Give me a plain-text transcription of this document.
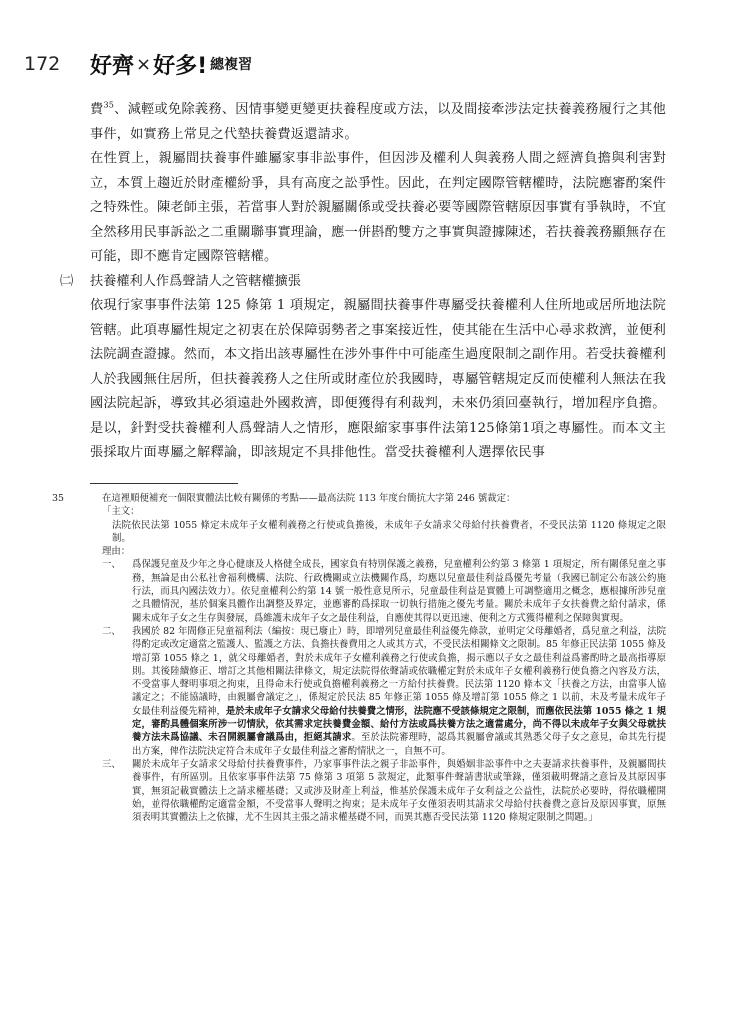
172	好齊 × 好多! 總複習

費$^{35}$、減輕或免除義務、因情事變更變更扶養程度或方法，以及間接牽涉法定扶養義務履行之其他事件，如實務上常見之代墊扶養費返還請求。

在性質上，親屬間扶養事件雖屬家事非訟事件，但因涉及權利人與義務人間之經濟負擔與利害對立，本質上趨近於財產權紛爭，具有高度之訟爭性。因此，在判定國際管轄權時，法院應審酌案件之特殊性。陳老師主張，若當事人對於親屬關係或受扶養必要等國際管轄原因事實有爭執時，不宜全然移用民事訴訟之二重關聯事實理論，應一併斟酌雙方之事實與證據陳述，若扶養義務顯無存在可能，即不應肯定國際管轄權。

㈡ 扶養權利人作爲聲請人之管轄權擴張

依現行家事事件法第 125 條第 1 項規定，親屬間扶養事件專屬受扶養權利人住所地或居所地法院管轄。此項專屬性規定之初衷在於保障弱勢者之事案接近性，使其能在生活中心尋求救濟，並便利法院調查證據。然而，本文指出該專屬性在涉外事件中可能產生過度限制之副作用。若受扶養權利人於我國無住居所，但扶養義務人之住所或財產位於我國時，專屬管轄規定反而使權利人無法在我國法院起訴，導致其必須遠赴外國救濟，即便獲得有利裁判，未來仍須回臺執行，增加程序負擔。

是以，針對受扶養權利人爲聲請人之情形，應限縮家事事件法第125條第1項之專屬性。而本文主張採取片面專屬之解釋論，即該規定不具排他性。當受扶養權利人選擇依民事

35	在這裡順便補充一個限實體法比較有關係的考點——最高法院 113 年度台簡抗大字第 246 號裁定：

「主文：

法院依民法第 1055 條定未成年子女權利義務之行使或負擔後，未成年子女請求父母給付扶養費者，不受民法第 1120 條規定之限制。

理由：

一、 爲保護兒童及少年之身心健康及人格健全成長，國家負有特別保護之義務，兒童權利公約第 3 條第 1 項規定，所有關係兒童之事務，無論是由公私社會福利機構、法院、行政機關或立法機關作爲，均應以兒童最佳利益爲優先考量（我國已制定公布該公約施行法，而具內國法效力）。依兒童權利公約第 14 號一般性意見所示，兒童最佳利益是實體上可調整適用之概念，應根據所涉兒童之具體情況，基於個案具體作出調整及界定，並應審酌爲採取一切執行措施之優先考量。關於未成年子女扶養費之給付請求，係關未成年子女之生存與發展，爲維護未成年子女之最佳利益，自應使其得以更迅速、便利之方式獲得權利之保障與實現。
二、 我國於 82 年間修正兒童福利法（編按：現已廢止）時，即增列兒童最佳利益優先條款，並明定父母離婚者，爲兒童之利益，法院得酌定或改定適當之監護人、監護之方法、負擔扶養費用之人或其方式，不受民法相關條文之限制。85 年修正民法第 1055 條及增訂第 1055 條之 1，就父母離婚者，對於未成年子女權利義務之行使或負擔，揭示應以子女之最佳利益爲審酌時之最高指導原則。其後陸續修正、增訂之其他相關法律條文，規定法院得依聲請或依職權定對於未成年子女權利義務行使負擔之內容及方法，不受當事人聲明事項之拘束，且得命未行使或負擔權利義務之一方給付扶養費。民法第 1120 條本文「扶養之方法，由當事人協議定之；不能協議時，由親屬會議定之」，係規定於民法 85 年修正第 1055 條及增訂第 1055 條之 1 以前，未及考量未成年子女最佳利益優先精神，是於未成年子女請求父母給付扶養費之情形，法院應不受該條規定之限制，而應依民法第 1055 條之 1 規定，審酌具體個案所涉一切情狀，依其需求定扶養費金額、給付方法或爲扶養方法之適當處分，尚不得以未成年子女與父母就扶養方法未爲協議、未召開親屬會議爲由，拒絕其請求。至於法院審理時，認爲其親屬會議或其熟悉父母子女之意見，命其先行提出方案，俾作法院決定符合未成年子女最佳利益之審酌情狀之一，自無不可。
三、 關於未成年子女請求父母給付扶養費事件，乃家事事件法之親子非訟事件，與婚姻非訟事件中之夫妻請求扶養事件，及親屬間扶養事件，有所區別。且依家事事件法第 75 條第 3 項第 5 款規定，此類事件聲請書狀或筆錄，僅須載明聲請之意旨及其原因事實，無須記載實體法上之請求權基礎；又或涉及財產上利益，惟基於保護未成年子女利益之公益性，法院於必要時，得依職權開始，並得依職權酌定適當金額，不受當事人聲明之拘束；是未成年子女僅須表明其請求父母給付扶養費之意旨及原因事實，原無須表明其實體法上之依據，尤不生因其主張之請求權基礎不同，而異其應否受民法第 1120 條規定限制之問題。」
